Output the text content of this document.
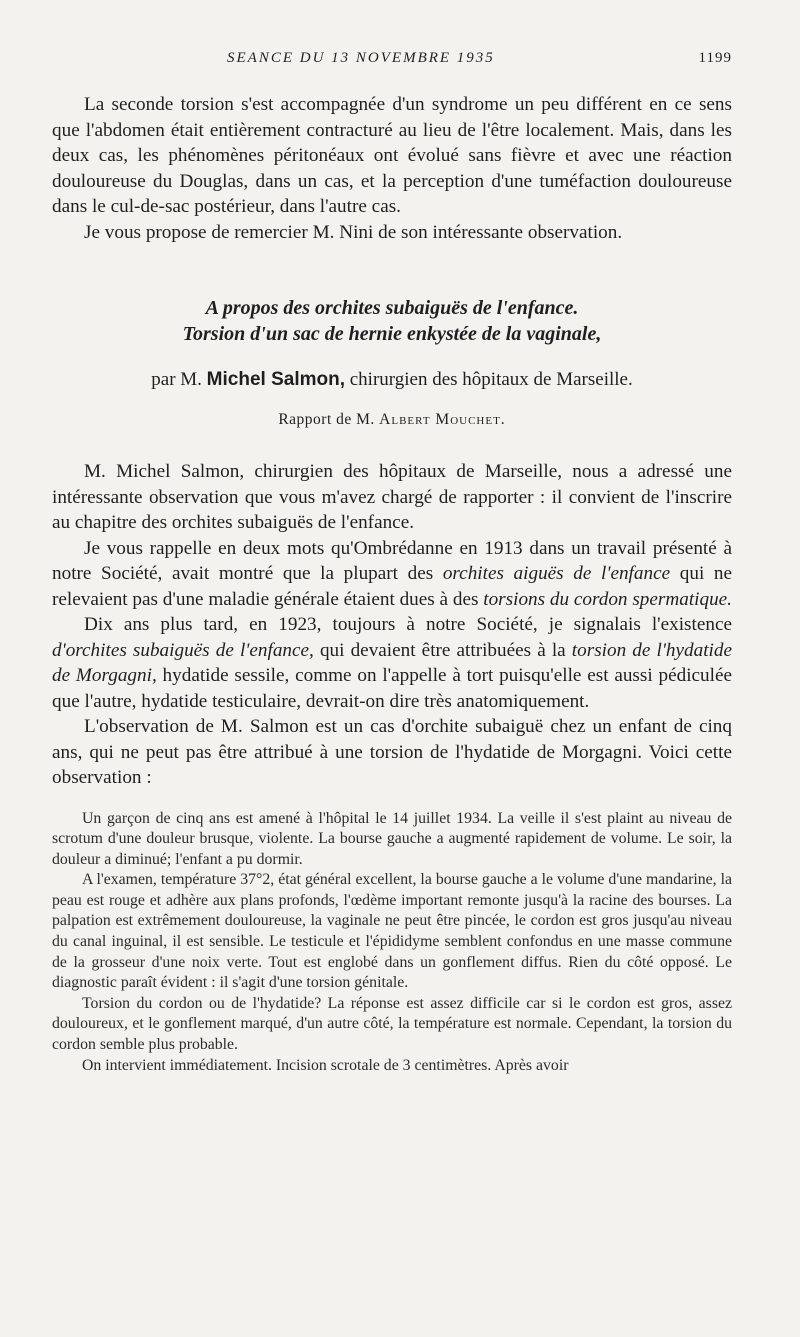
SEANCE DU 13 NOVEMBRE 1935	1199

La seconde torsion s'est accompagnée d'un syndrome un peu différent en ce sens que l'abdomen était entièrement contracturé au lieu de l'être localement. Mais, dans les deux cas, les phénomènes péritonéaux ont évolué sans fièvre et avec une réaction douloureuse du Douglas, dans un cas, et la perception d'une tuméfaction douloureuse dans le cul-de-sac postérieur, dans l'autre cas.

Je vous propose de remercier M. Nini de son intéressante observation.

A propos des orchites subaiguës de l'enfance.

Torsion d'un sac de hernie enkystée de la vaginale,

par M. Michel Salmon, chirurgien des hôpitaux de Marseille.

Rapport de M. Albert Mouchet.

M. Michel Salmon, chirurgien des hôpitaux de Marseille, nous a adressé une intéressante observation que vous m'avez chargé de rapporter : il convient de l'inscrire au chapitre des orchites subaiguës de l'enfance.

Je vous rappelle en deux mots qu'Ombrédanne en 1913 dans un travail présenté à notre Société, avait montré que la plupart des orchites aiguës de l'enfance qui ne relevaient pas d'une maladie générale étaient dues à des torsions du cordon spermatique.

Dix ans plus tard, en 1923, toujours à notre Société, je signalais l'existence d'orchites subaiguës de l'enfance, qui devaient être attribuées à la torsion de l'hydatide de Morgagni, hydatide sessile, comme on l'appelle à tort puisqu'elle est aussi pédiculée que l'autre, hydatide testiculaire, devrait-on dire très anatomiquement.

L'observation de M. Salmon est un cas d'orchite subaiguë chez un enfant de cinq ans, qui ne peut pas être attribué à une torsion de l'hydatide de Morgagni. Voici cette observation :

Un garçon de cinq ans est amené à l'hôpital le 14 juillet 1934. La veille il s'est plaint au niveau de scrotum d'une douleur brusque, violente. La bourse gauche a augmenté rapidement de volume. Le soir, la douleur a diminué; l'enfant a pu dormir.

A l'examen, température 37°2, état général excellent, la bourse gauche a le volume d'une mandarine, la peau est rouge et adhère aux plans profonds, l'œdème important remonte jusqu'à la racine des bourses. La palpation est extrêmement douloureuse, la vaginale ne peut être pincée, le cordon est gros jusqu'au niveau du canal inguinal, il est sensible. Le testicule et l'épididyme semblent confondus en une masse commune de la grosseur d'une noix verte. Tout est englobé dans un gonflement diffus. Rien du côté opposé. Le diagnostic paraît évident : il s'agit d'une torsion génitale.

Torsion du cordon ou de l'hydatide? La réponse est assez difficile car si le cordon est gros, assez douloureux, et le gonflement marqué, d'un autre côté, la température est normale. Cependant, la torsion du cordon semble plus probable.

On intervient immédiatement. Incision scrotale de 3 centimètres. Après avoir
